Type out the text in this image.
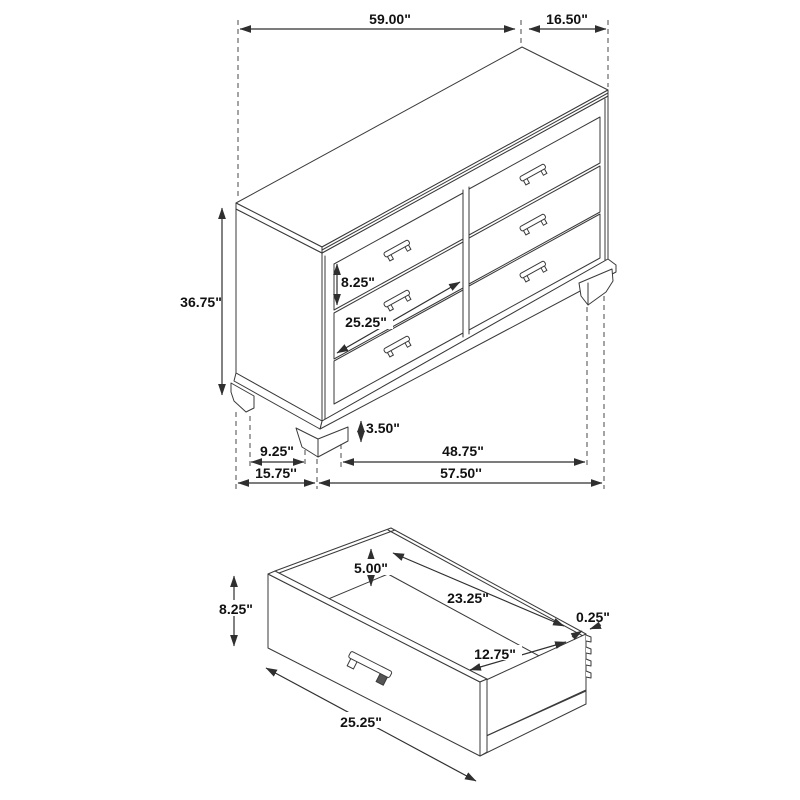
59.00"	16.50"
36.75"
8.25"
25.25"
3.50"
9.25"	48.75"
15.75''	57.50''
8.25"
5.00"
23.25"
12.75"
0.25"
25.25"
